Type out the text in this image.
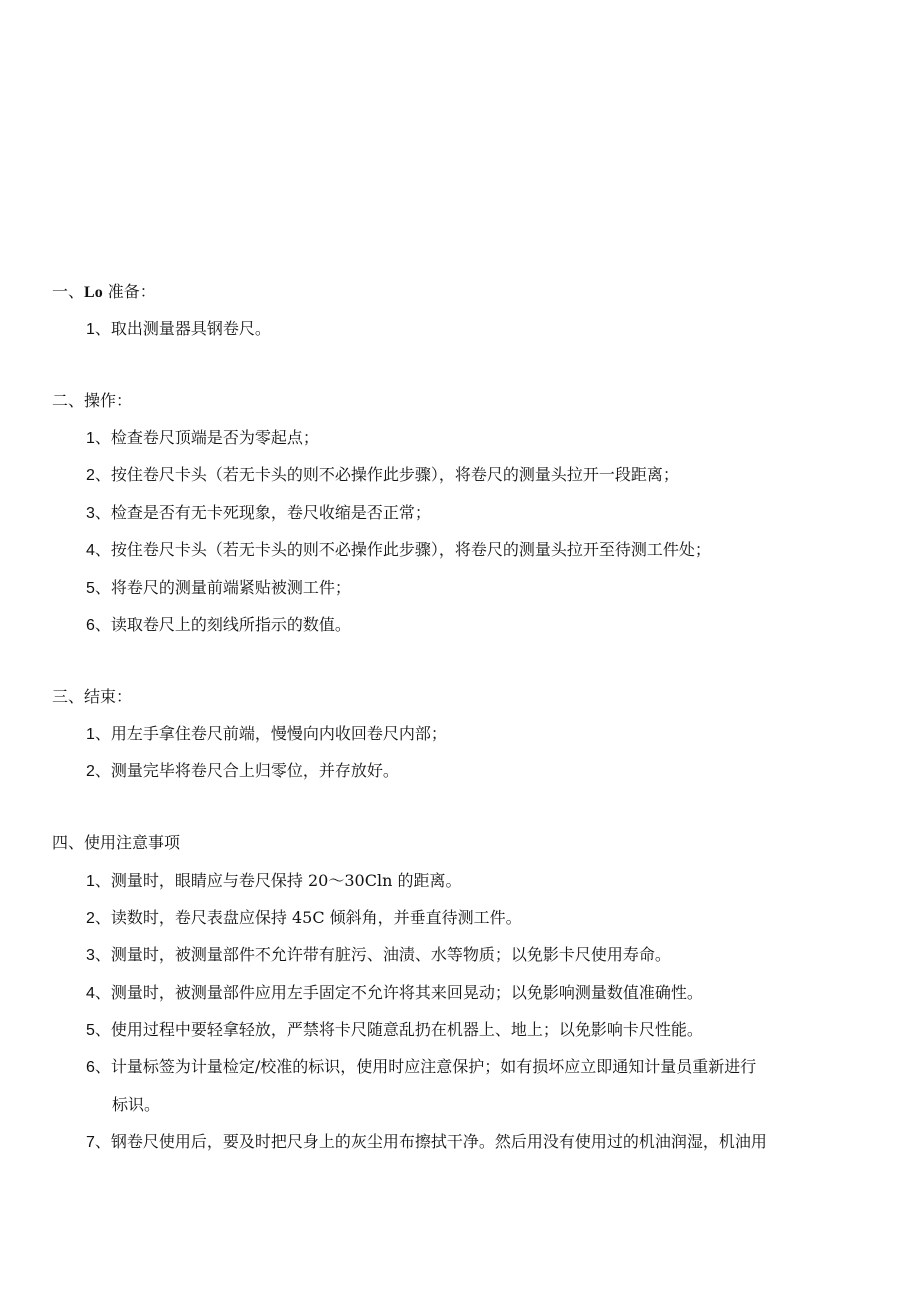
一、Lo 准备：
1、取出测量器具钢卷尺。
二、操作：
1、检查卷尺顶端是否为零起点；
2、按住卷尺卡头（若无卡头的则不必操作此步骤），将卷尺的测量头拉开一段距离；
3、检查是否有无卡死现象，卷尺收缩是否正常；
4、按住卷尺卡头（若无卡头的则不必操作此步骤），将卷尺的测量头拉开至待测工件处；
5、将卷尺的测量前端紧贴被测工件；
6、读取卷尺上的刻线所指示的数值。
三、结束：
1、用左手拿住卷尺前端，慢慢向内收回卷尺内部；
2、测量完毕将卷尺合上归零位，并存放好。
四、使用注意事项
1、测量时，眼睛应与卷尺保持 20～30Cln 的距离。
2、读数时，卷尺表盘应保持 45C 倾斜角，并垂直待测工件。
3、测量时，被测量部件不允许带有脏污、油渍、水等物质；以免影卡尺使用寿命。
4、测量时，被测量部件应用左手固定不允许将其来回晃动；以免影响测量数值准确性。
5、使用过程中要轻拿轻放，严禁将卡尺随意乱扔在机器上、地上；以免影响卡尺性能。
6、计量标签为计量检定/校准的标识，使用时应注意保护；如有损坏应立即通知计量员重新进行
标识。
7、钢卷尺使用后，要及时把尺身上的灰尘用布擦拭干净。然后用没有使用过的机油润湿，机油用
